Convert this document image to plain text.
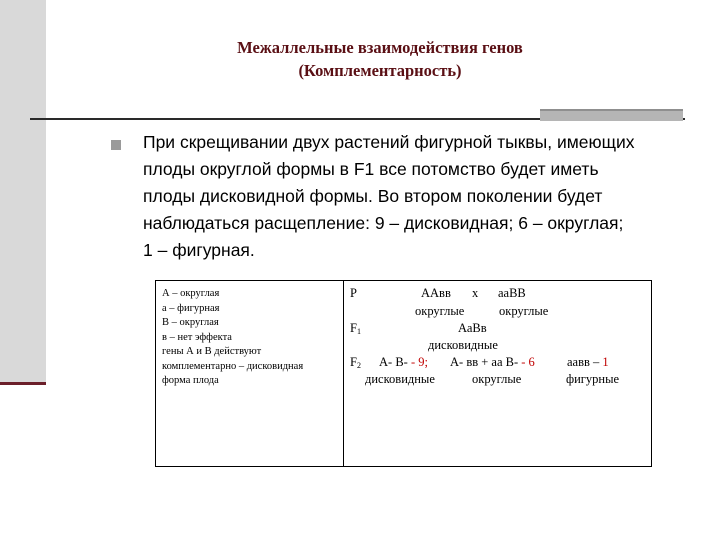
Межаллельные взаимодействия генов
(Комплементарность)
При скрещивании двух растений фигурной тыквы, имеющих
плоды округлой формы в F1 все потомство будет иметь
плоды дисковидной формы. Во втором поколении будет
наблюдаться расщепление: 9 – дисковидная; 6 – округлая;
1 – фигурная.
А – округлая
а – фигурная
В – округлая
в – нет эффекта
гены А и В действуют
комплементарно – дисковидная
форма плода
Р	ААвв х ааВВ
округлые	округлые
$F_1$	АаВв
дисковидные
$F_2$ А- В- - 9; А- вв + аа В- - 6	аавв – 1
дисковидные	округлые	фигурные
